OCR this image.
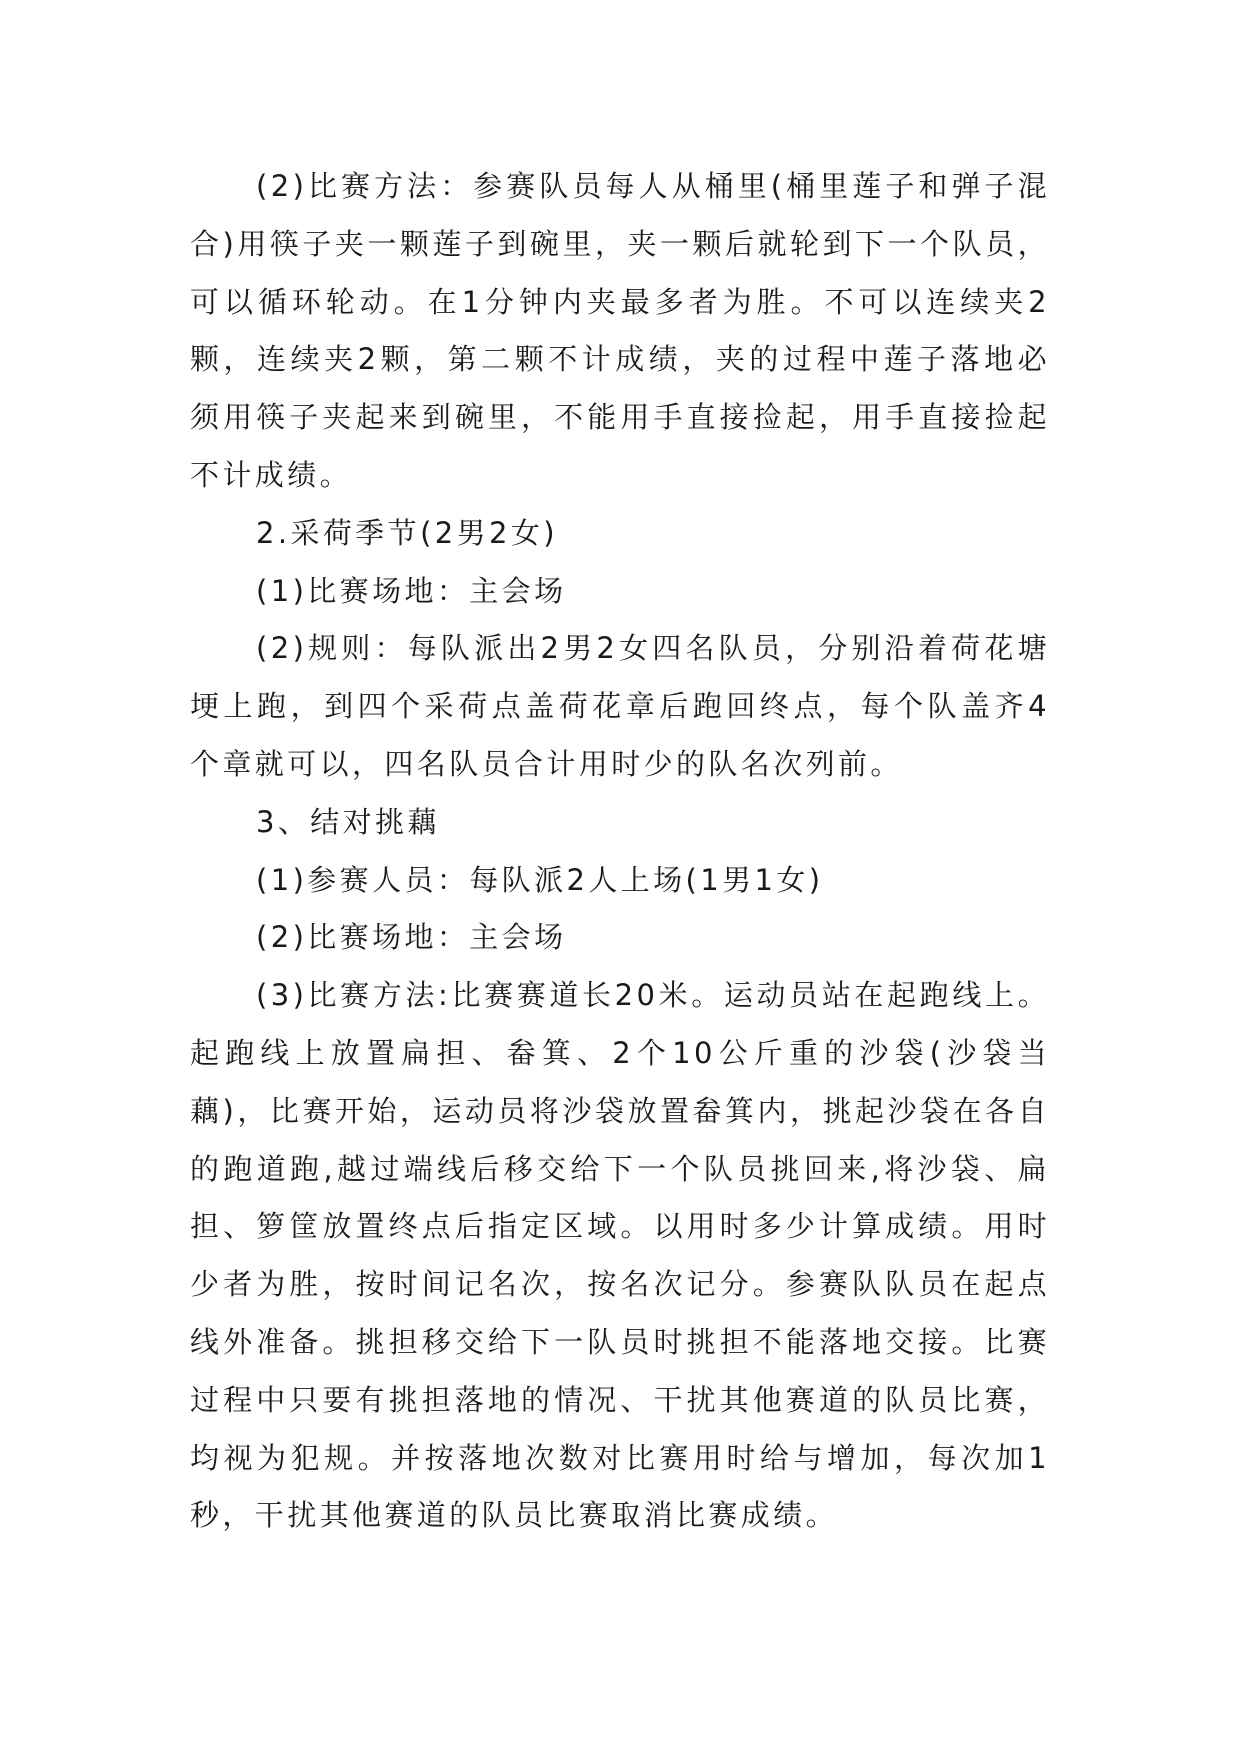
(2)比赛方法：参赛队员每人从桶里(桶里莲子和弹子混合)用筷子夹一颗莲子到碗里，夹一颗后就轮到下一个队员，可以循环轮动。在1分钟内夹最多者为胜。不可以连续夹2颗，连续夹2颗，第二颗不计成绩，夹的过程中莲子落地必须用筷子夹起来到碗里，不能用手直接捡起，用手直接捡起不计成绩。

2.采荷季节(2男2女)

(1)比赛场地：主会场

(2)规则：每队派出2男2女四名队员，分别沿着荷花塘埂上跑，到四个采荷点盖荷花章后跑回终点，每个队盖齐4个章就可以，四名队员合计用时少的队名次列前。

3、结对挑藕

(1)参赛人员：每队派2人上场(1男1女)

(2)比赛场地：主会场

(3)比赛方法:比赛赛道长20米。运动员站在起跑线上。起跑线上放置扁担、畚箕、2个10公斤重的沙袋(沙袋当藕)，比赛开始，运动员将沙袋放置畚箕内，挑起沙袋在各自的跑道跑,越过端线后移交给下一个队员挑回来,将沙袋、扁担、箩筐放置终点后指定区域。以用时多少计算成绩。用时少者为胜，按时间记名次，按名次记分。参赛队队员在起点线外准备。挑担移交给下一队员时挑担不能落地交接。比赛过程中只要有挑担落地的情况、干扰其他赛道的队员比赛，均视为犯规。并按落地次数对比赛用时给与增加，每次加1秒，干扰其他赛道的队员比赛取消比赛成绩。
